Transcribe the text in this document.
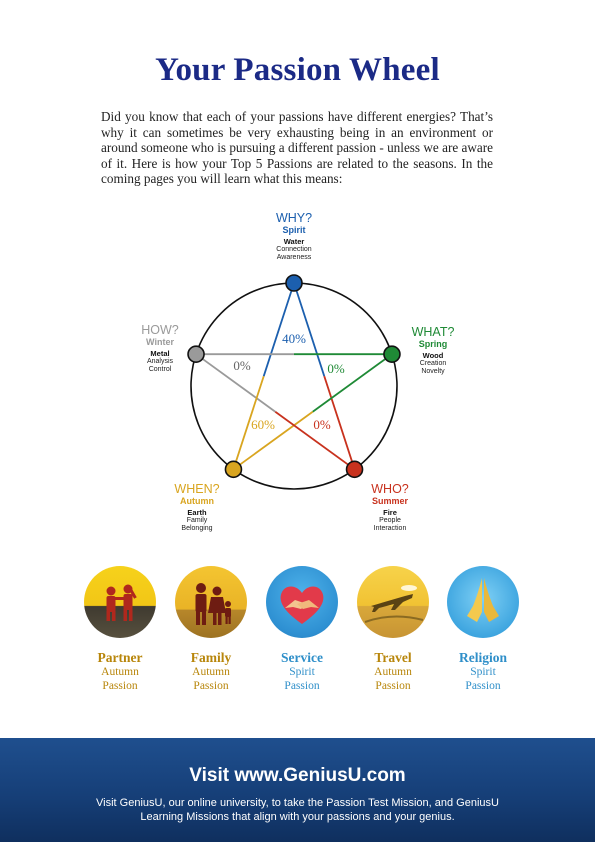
Your Passion Wheel
Did you know that each of your passions have different energies? That’s why it can sometimes be very exhausting being in an environment or around someone who is pursuing a different passion - unless we are aware of it. Here is how your Top 5 Passions are related to the seasons. In the coming pages you will learn what this means:
40%
0%
0%
60%
0%
WHY?
Spirit
Water
Connection
Awareness
WHAT?
Spring
Wood
Creation
Novelty
WHO?
Summer
Fire
People
Interaction
WHEN?
Autumn
Earth
Family
Belonging
HOW?
Winter
Metal
Analysis
Control
Partner
Autumn
Passion
Family
Autumn
Passion
Service
Spirit
Passion
Travel
Autumn
Passion
Religion
Spirit
Passion
Visit www.GeniusU.com
Visit GeniusU, our online university, to take the Passion Test Mission, and GeniusU Learning Missions that align with your passions and your genius.
